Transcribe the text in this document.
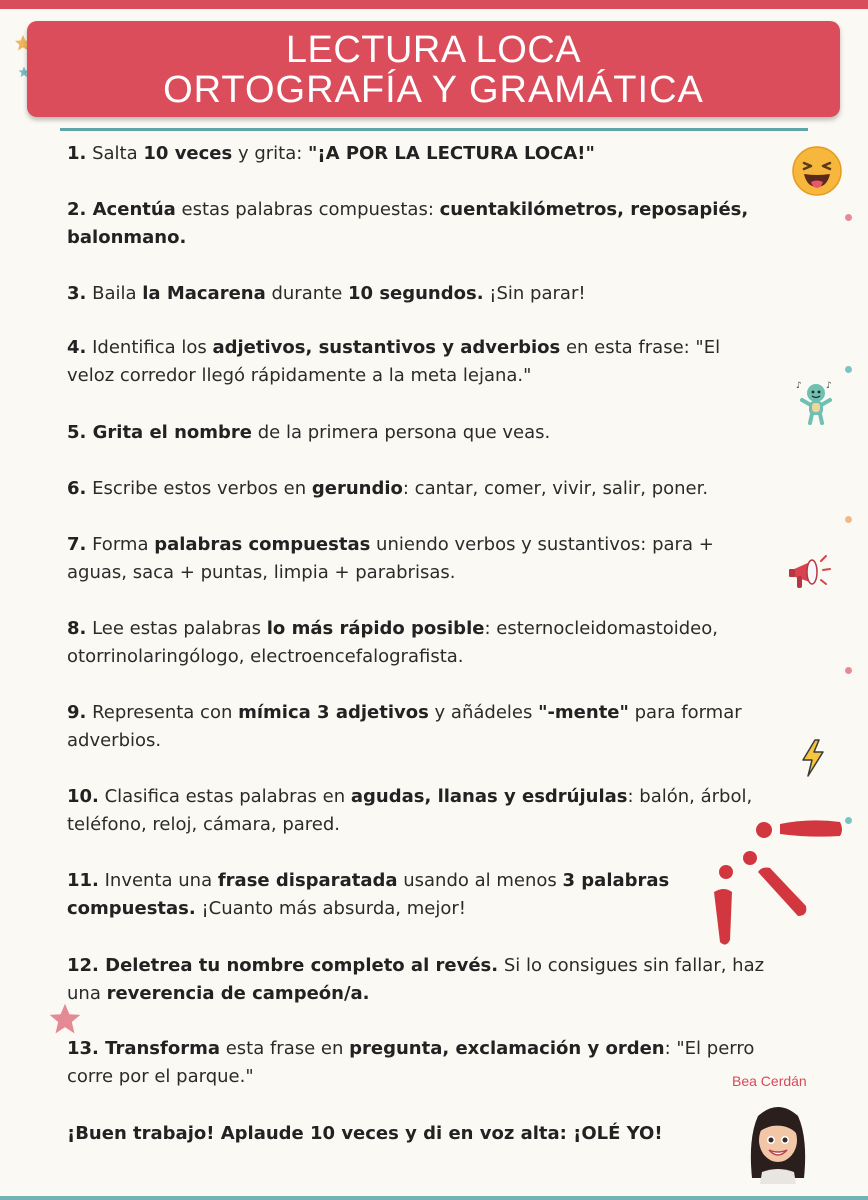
LECTURA LOCA
ORTOGRAFÍA Y GRAMÁTICA
1. Salta 10 veces y grita: "¡A POR LA LECTURA LOCA!"
2. Acentúa estas palabras compuestas: cuentakilómetros, reposapiés, balonmano.
3. Baila la Macarena durante 10 segundos. ¡Sin parar!
4. Identifica los adjetivos, sustantivos y adverbios en esta frase: "El veloz corredor llegó rápidamente a la meta lejana."
5. Grita el nombre de la primera persona que veas.
6. Escribe estos verbos en gerundio: cantar, comer, vivir, salir, poner.
7. Forma palabras compuestas uniendo verbos y sustantivos: para + aguas, saca + puntas, limpia + parabrisas.
8. Lee estas palabras lo más rápido posible: esternocleidomastoideo, otorrinolaringólogo, electroencefalografista.
9. Representa con mímica 3 adjetivos y añádeles "-mente" para formar adverbios.
10. Clasifica estas palabras en agudas, llanas y esdrújulas: balón, árbol, teléfono, reloj, cámara, pared.
11. Inventa una frase disparatada usando al menos 3 palabras compuestas. ¡Cuanto más absurda, mejor!
12. Deletrea tu nombre completo al revés. Si lo consigues sin fallar, haz una reverencia de campeón/a.
13. Transforma esta frase en pregunta, exclamación y orden: "El perro corre por el parque."
¡Buen trabajo! Aplaude 10 veces y di en voz alta: ¡OLÉ YO!
Bea Cerdán
♪	♪
